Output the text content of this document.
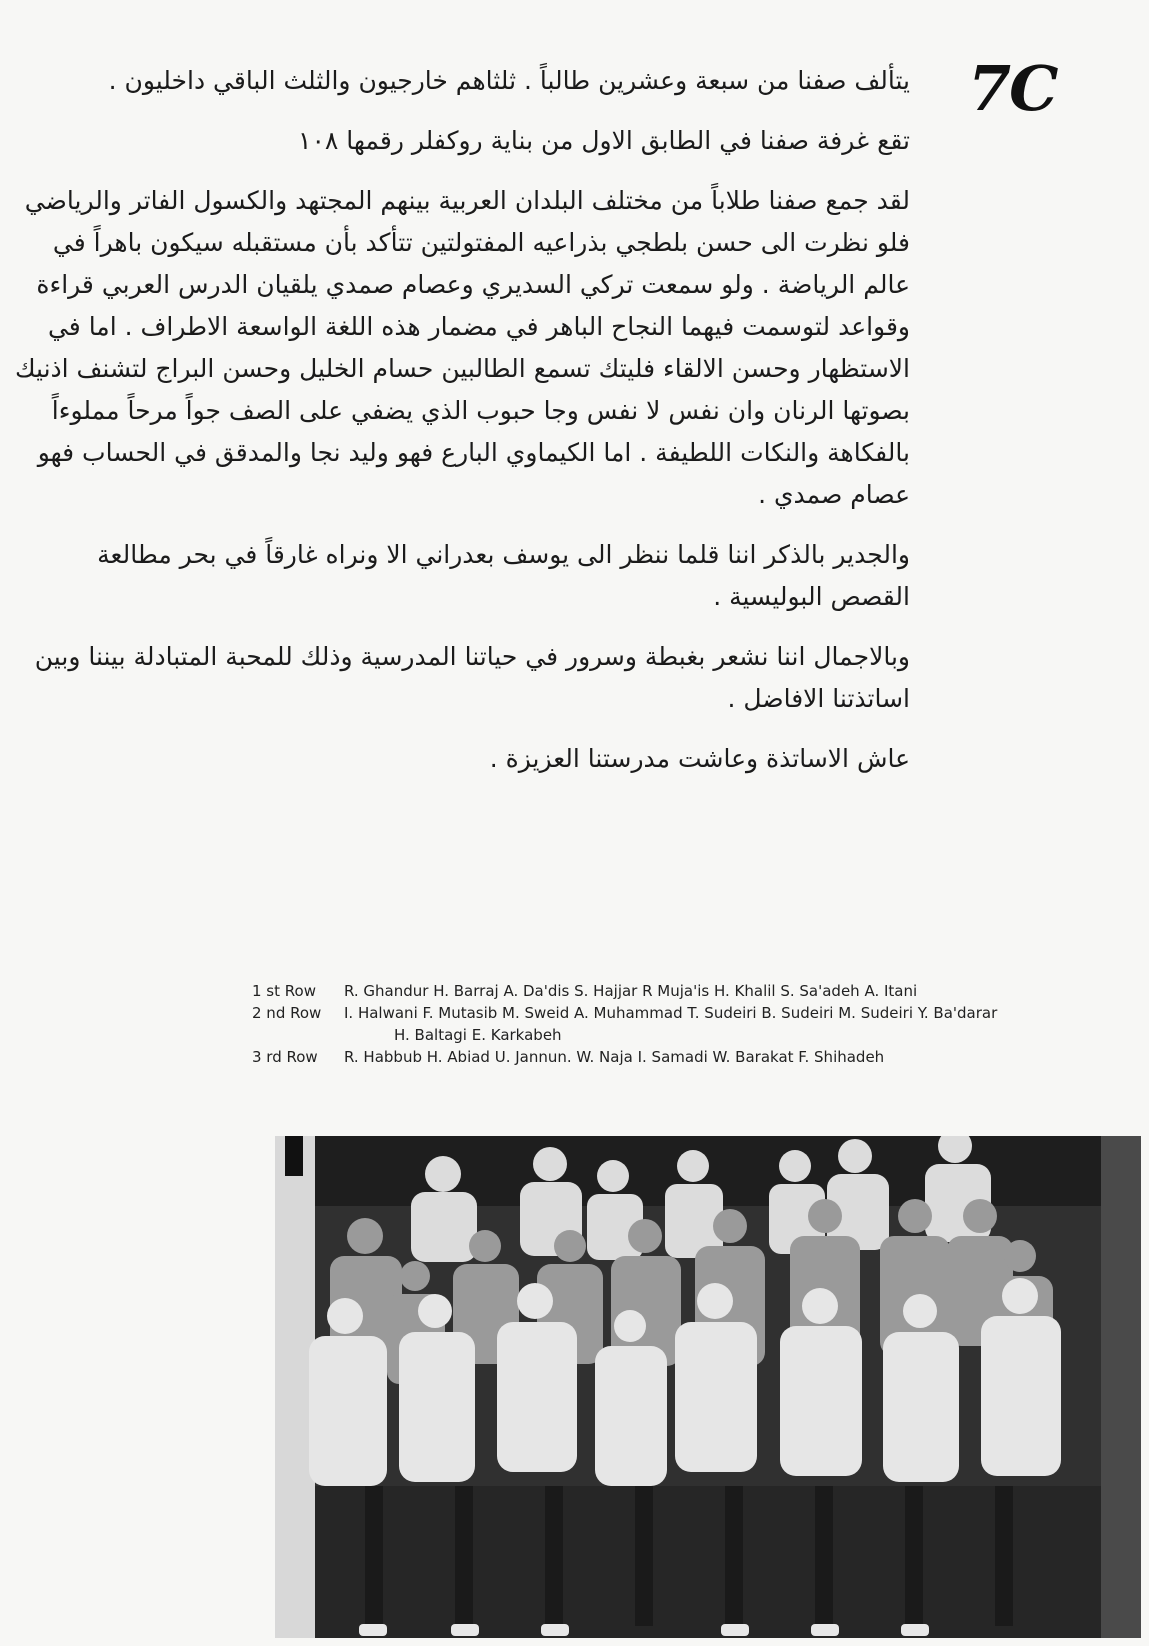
7C

يتألف صفنا من سبعة وعشرين طالباً . ثلثاهم خارجيون والثلث الباقي داخليون .

تقع غرفة صفنا في الطابق الاول من بناية روكفلر رقمها ١٠٨

لقد جمع صفنا طلاباً من مختلف البلدان العربية بينهم المجتهد والكسول الفاتر والرياضي فلو نظرت الى حسن بلطجي بذراعيه المفتولتين تتأكد بأن مستقبله سيكون باهراً في عالم الرياضة . ولو سمعت تركي السديري وعصام صمدي يلقيان الدرس العربي قراءة وقواعد لتوسمت فيهما النجاح الباهر في مضمار هذه اللغة الواسعة الاطراف . اما في الاستظهار وحسن الالقاء فليتك تسمع الطالبين حسام الخليل وحسن البراج لتشنف اذنيك بصوتها الرنان وان نفس لا نفس وجا حبوب الذي يضفي على الصف جواً مرحاً مملوءاً بالفكاهة والنكات اللطيفة . اما الكيماوي البارع فهو وليد نجا والمدقق في الحساب فهو عصام صمدي .

والجدير بالذكر اننا قلما ننظر الى يوسف بعدراني الا ونراه غارقاً في بحر مطالعة القصص البوليسية .

وبالاجمال اننا نشعر بغبطة وسرور في حياتنا المدرسية وذلك للمحبة المتبادلة بيننا وبين اساتذتنا الافاضل .

عاش الاساتذة وعاشت مدرستنا العزيزة .

1 st Row R. Ghandur H. Barraj A. Da'dis S. Hajjar R Muja'is H. Khalil S. Sa'adeh A. Itani
2 nd Row I. Halwani F. Mutasib M. Sweid A. Muhammad T. Sudeiri B. Sudeiri M. Sudeiri Y. Ba'darar
H. Baltagi E. Karkabeh
3 rd Row R. Habbub H. Abiad U. Jannun. W. Naja I. Samadi W. Barakat F. Shihadeh
